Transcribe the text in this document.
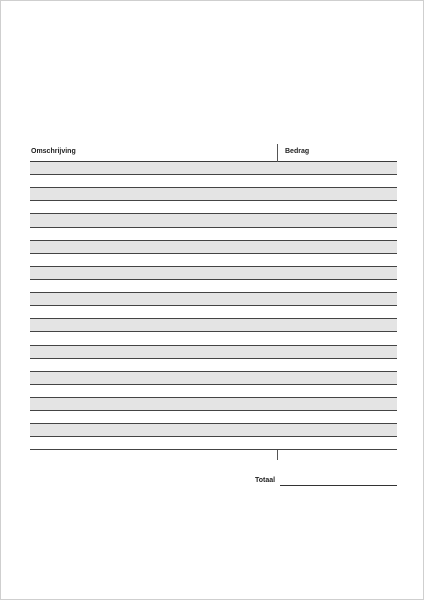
Omschrijving	Bedrag
Totaal
